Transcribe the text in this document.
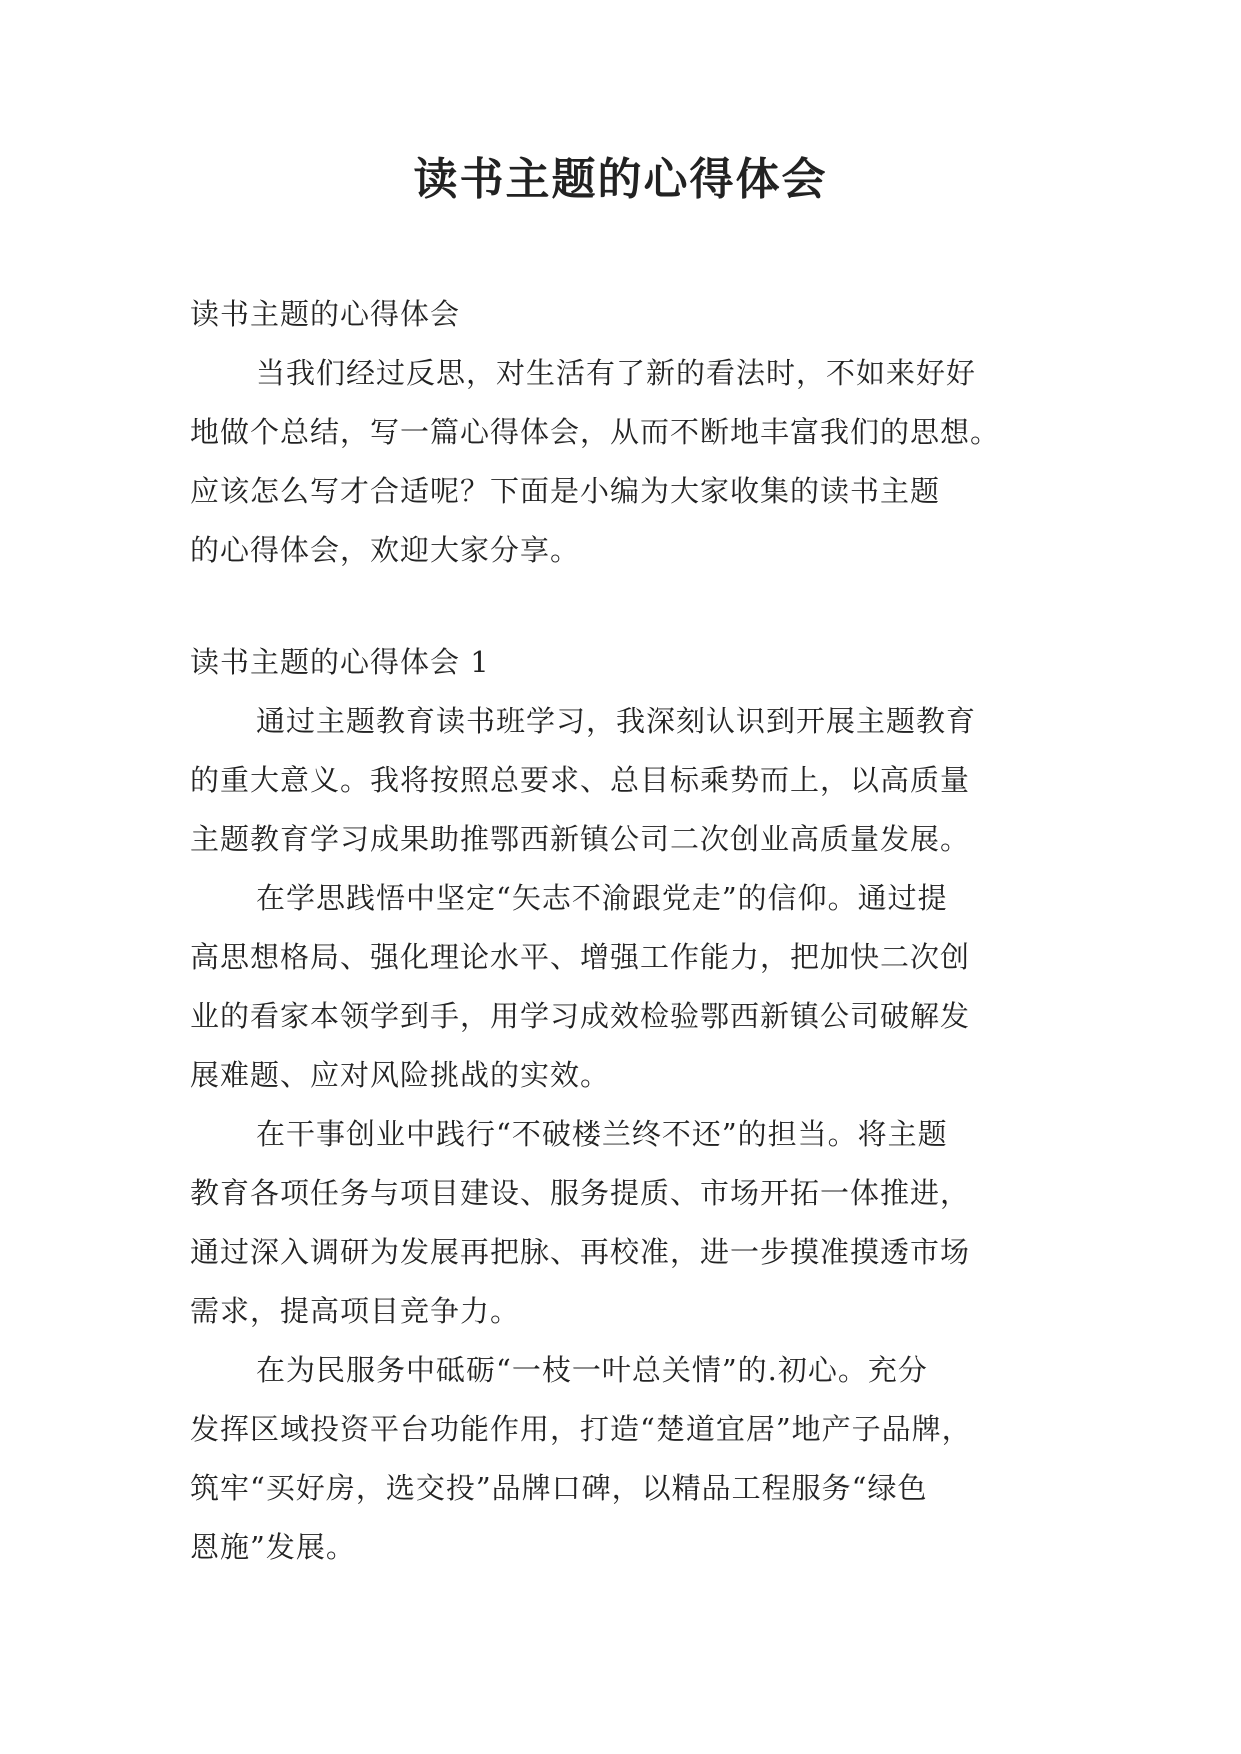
读书主题的心得体会
读书主题的心得体会
当我们经过反思，对生活有了新的看法时，不如来好好
地做个总结，写一篇心得体会，从而不断地丰富我们的思想。
应该怎么写才合适呢？下面是小编为大家收集的读书主题
的心得体会，欢迎大家分享。
读书主题的心得体会 1
通过主题教育读书班学习，我深刻认识到开展主题教育
的重大意义。我将按照总要求、总目标乘势而上，以高质量
主题教育学习成果助推鄂西新镇公司二次创业高质量发展。
在学思践悟中坚定“矢志不渝跟党走”的信仰。通过提
高思想格局、强化理论水平、增强工作能力，把加快二次创
业的看家本领学到手，用学习成效检验鄂西新镇公司破解发
展难题、应对风险挑战的实效。
在干事创业中践行“不破楼兰终不还”的担当。将主题
教育各项任务与项目建设、服务提质、市场开拓一体推进，
通过深入调研为发展再把脉、再校准，进一步摸准摸透市场
需求，提高项目竞争力。
在为民服务中砥砺“一枝一叶总关情”的.初心。充分
发挥区域投资平台功能作用，打造“楚道宜居”地产子品牌，
筑牢“买好房，选交投”品牌口碑，以精品工程服务“绿色
恩施”发展。
